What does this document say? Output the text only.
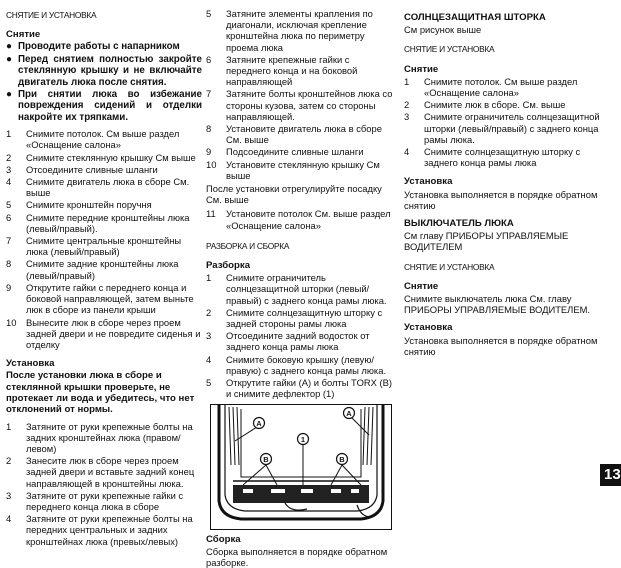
СНЯТИЕ И УСТАНОВКА
Снятие
● Проводите работы с напарником
● Перед снятием полностью закройте стеклянную крышку и не включайте двигатель люка после снятия.
● При снятии люка во избежание повреждения сидений и отделки накройте их тряпками.
1	Снимите потолок. См выше раздел «Оснащение салона»
2	Снимите стеклянную крышку См выше
3	Отсоедините сливные шланги
4	Снимите двигатель люка в сборе См. выше
5	Снимите кронштейн поручня
6	Снимите передние кронштейны люка (левый/правый).
7	Снимите центральные кронштейны люка (левый/правый)
8	Снимите задние кронштейны люка (левый/правый)
9	Открутите гайки с переднего конца и боковой направляющей, затем выньте люк в сборе из панели крыши
10	Вынесите люк в сборе через проем задней двери и не повредите сиденья и отделку
Установка
После установки люка в сборе и стеклянной крышки проверьте, не протекает ли вода и убедитесь, что нет отклонений от нормы.
1	Затяните от руки крепежные болты на задних кронштейнах люка (правом/левом)
2	Занесите люк в сборе через проем задней двери и вставьте задний конец направляющей в кронштейны люка.
3	Затяните от руки крепежные гайки с переднего конца люка в сборе
4	Затяните от руки крепежные болты на передних центральных и задних кронштейнах люка (превых/левых)
5	Затяните элементы крапления по диагонали, исключая крепление кронштейна люка по периметру проема люка
6	Затяните крепежные гайки с переднего конца и на боковой направляющей
7	Затяните болты кронштейнов люка со стороны кузова, затем со стороны направляющей.
8	Установите двигатель люка в сборе См. выше
9	Подсоедините сливные шланги
10	Установите стеклянную крышку См выше
После установки отрегулируйте посадку См. выше
11	Установите потолок См. выше раздел «Оснащение салона»
РАЗБОРКА И СБОРКА
Разборка
1	Снимите ограничитель солнцезащитной шторки (левый/правый) с заднего конца рамы люка.
2	Снимите солнцезащитную шторку с задней стороны рамы люка
3	Отсоедините задний водосток от заднего конца рамы люка
4	Снимите боковую крышку (левую/правую) с заднего конца рамы люка.
5	Открутите гайки (A) и болты TORX (B) и снимите дефлектор (1)
A
A
1
B	B
Сборка
Сборка выполняется в порядке обратном разборке.
СОЛНЦЕЗАЩИТНАЯ ШТОРКА
См рисунок выше
СНЯТИЕ И УСТАНОВКА
Снятие
1	Снимите потолок. См выше раздел «Оснащение салона»
2	Снимите люк в сборе. См. выше
3	Снимите ограничитель солнцезащитной шторки (левый/правый) с заднего конца рамы люка.
4	Снимите солнцезащитную шторку с заднего конца рамы люка
Установка
Установка выполняется в порядке обратном снятию
ВЫКЛЮЧАТЕЛЬ ЛЮКА
См главу ПРИБОРЫ УПРАВЛЯЕМЫЕ ВОДИТЕЛЕМ
СНЯТИЕ И УСТАНОВКА
Снятие
Снимите выключатель люка См. главу ПРИБОРЫ УПРАВЛЯЕМЫЕ ВОДИТЕЛЕМ.
Установка
Установка выполняется в порядке обратном снятию
13
